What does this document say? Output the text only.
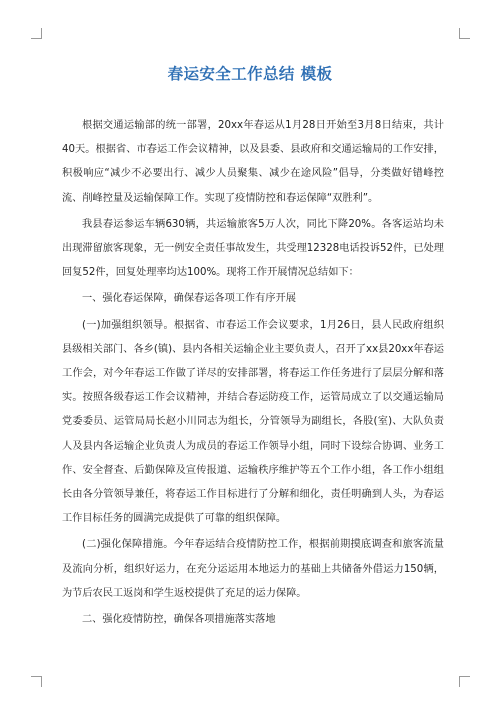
春运安全工作总结 模板

根据交通运输部的统一部署，20xx年春运从1月28日开始至3月8日结束，共计40天。根据省、市春运工作会议精神，以及县委、县政府和交通运输局的工作安排，积极响应“减少不必要出行、减少人员聚集、减少在途风险”倡导，分类做好错峰控流、削峰控量及运输保障工作。实现了疫情防控和春运保障“双胜利”。

我县春运参运车辆630辆，共运输旅客5万人次，同比下降20%。各客运站均未出现滞留旅客现象，无一例安全责任事故发生，共受理12328电话投诉52件，已处理回复52件，回复处理率均达100%。现将工作开展情况总结如下：

一、强化春运保障，确保春运各项工作有序开展

(一)加强组织领导。根据省、市春运工作会议要求，1月26日，县人民政府组织县级相关部门、各乡(镇)、县内各相关运输企业主要负责人，召开了xx县20xx年春运工作会，对今年春运工作做了详尽的安排部署，将春运工作任务进行了层层分解和落实。按照各级春运工作会议精神，并结合春运防疫工作，运管局成立了以交通运输局党委委员、运管局局长赵小川同志为组长，分管领导为副组长，各股(室)、大队负责人及县内各运输企业负责人为成员的春运工作领导小组，同时下设综合协调、业务工作、安全督查、后勤保障及宣传报道、运输秩序维护等五个工作小组，各工作小组组长由各分管领导兼任，将春运工作目标进行了分解和细化，责任明确到人头，为春运工作目标任务的圆满完成提供了可靠的组织保障。

(二)强化保障措施。今年春运结合疫情防控工作，根据前期摸底调查和旅客流量及流向分析，组织好运力，在充分运运用本地运力的基础上共储备外借运力150辆，为节后农民工返岗和学生返校提供了充足的运力保障。

二、强化疫情防控，确保各项措施落实落地
